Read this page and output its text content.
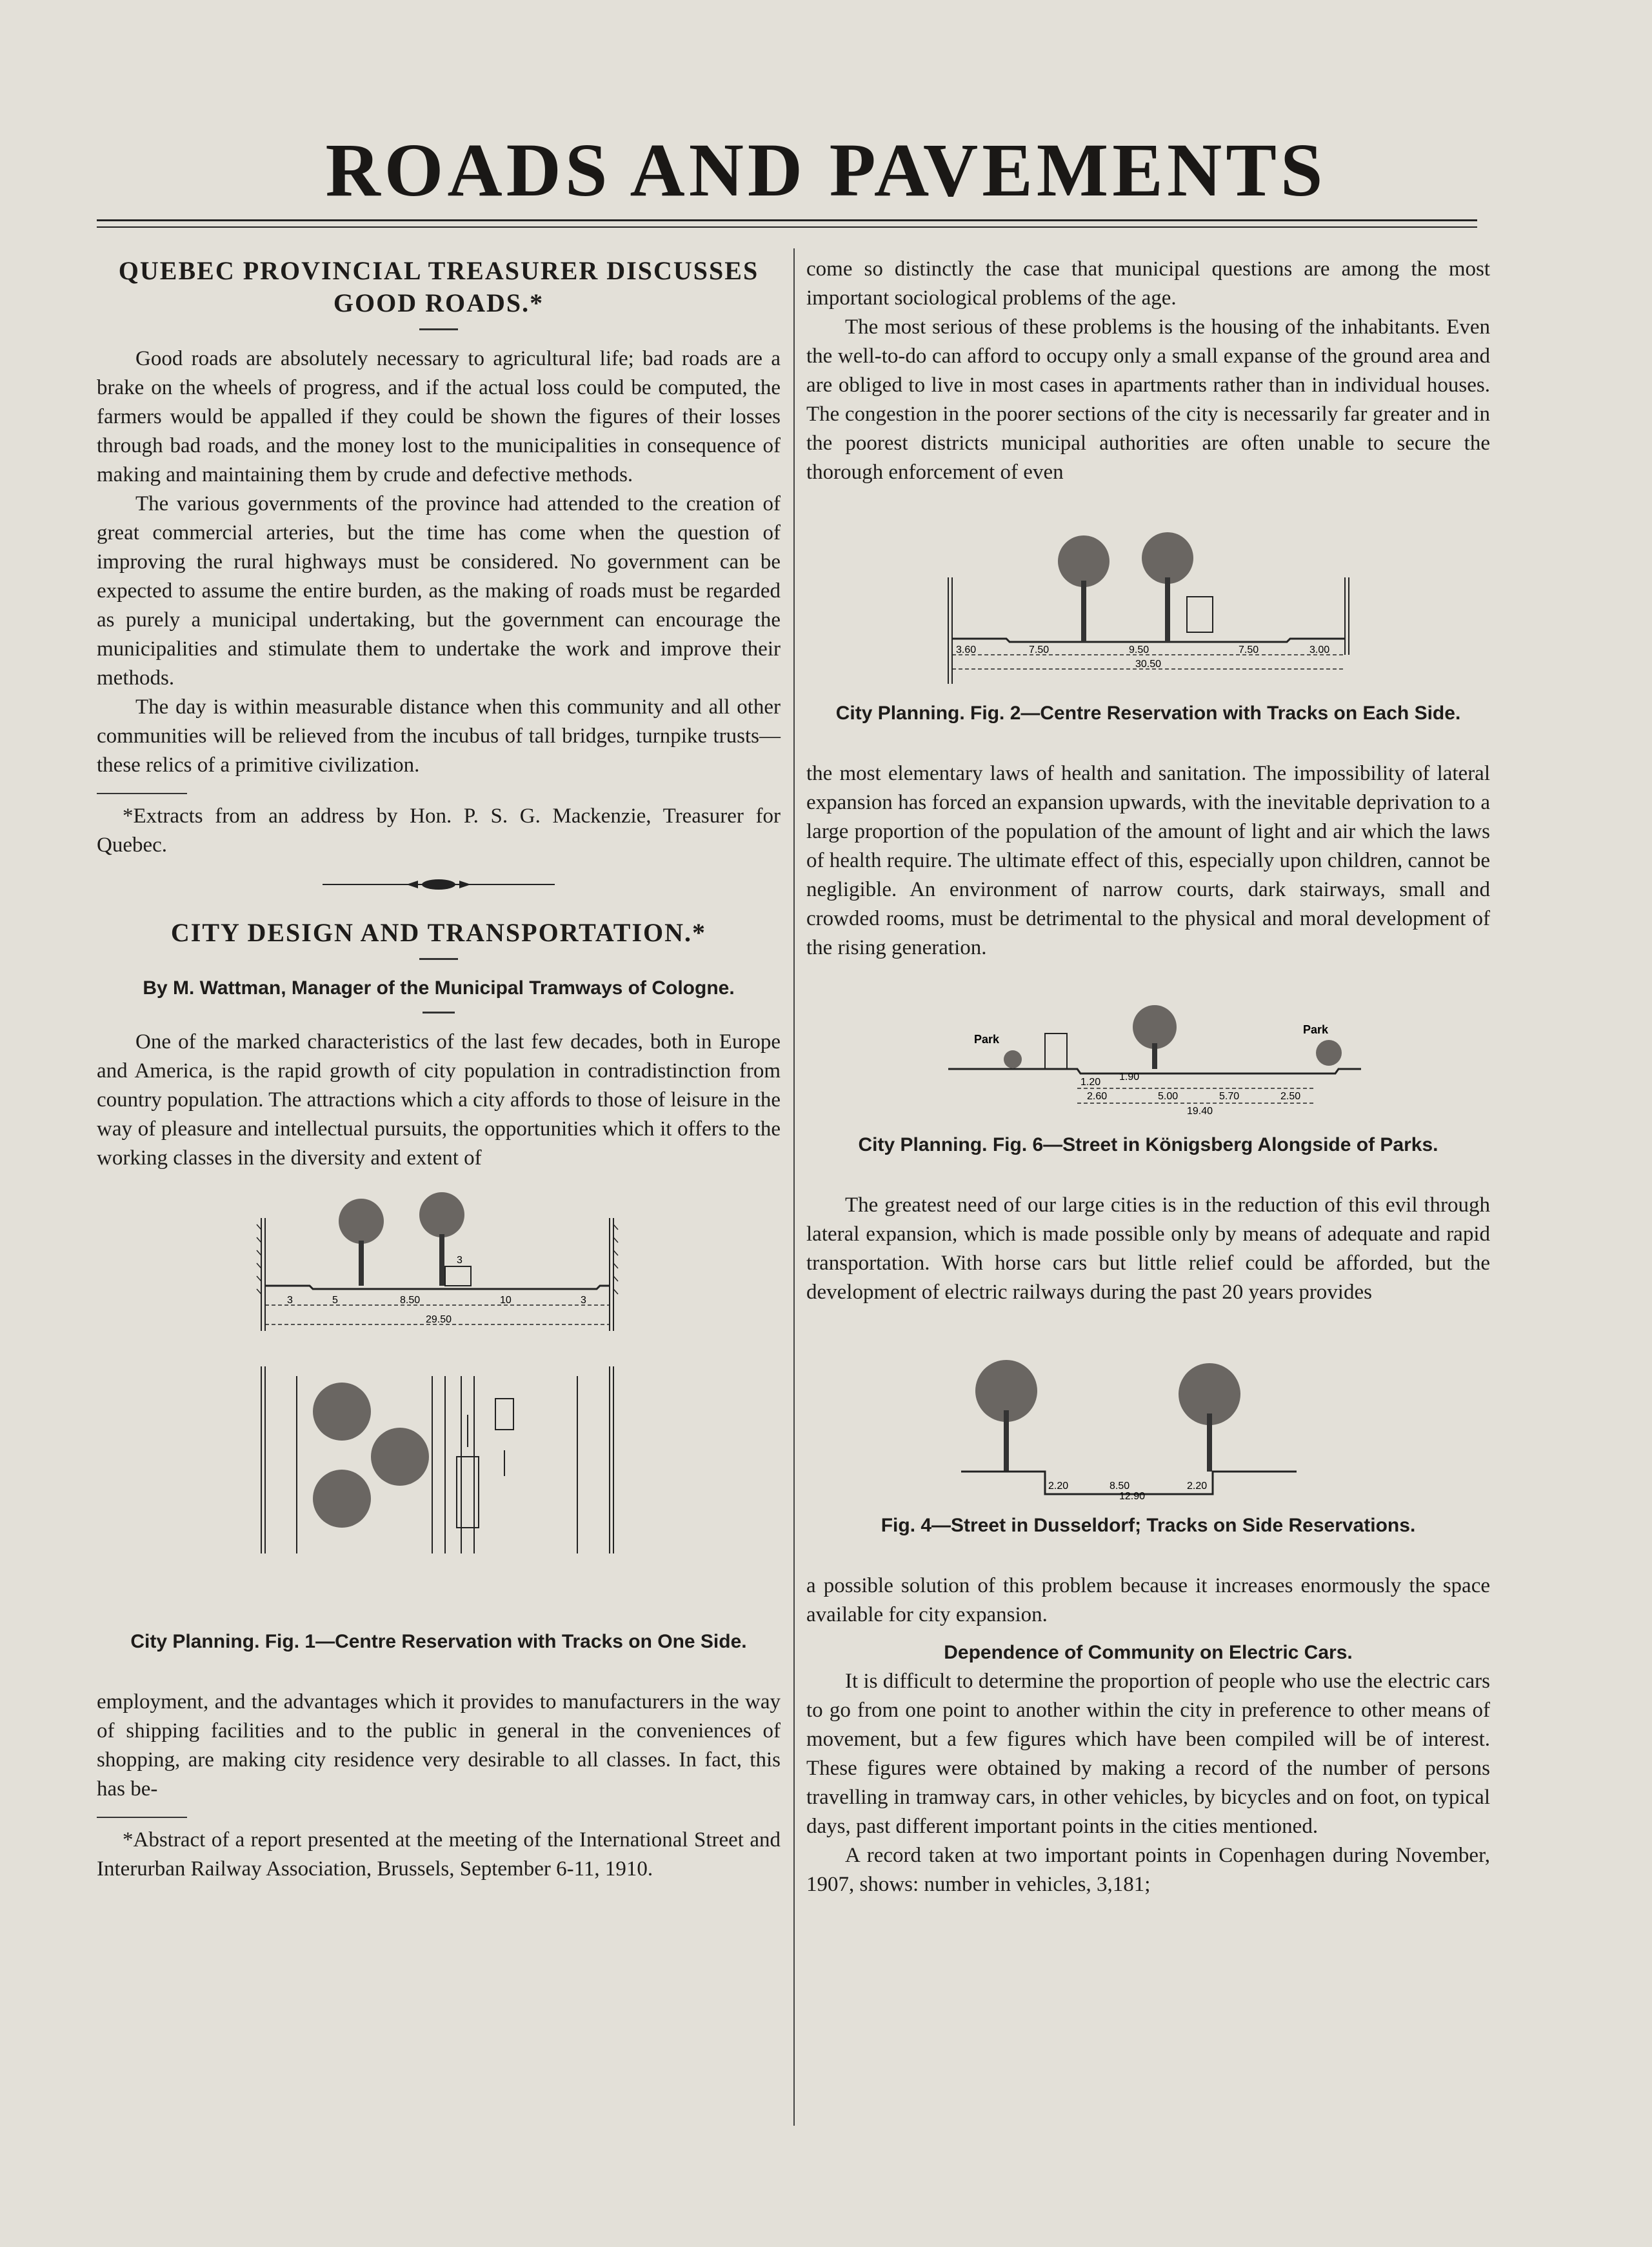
ROADS AND PAVEMENTS
QUEBEC PROVINCIAL TREASURER DISCUSSES
GOOD ROADS.*

Good roads are absolutely necessary to agricultural life; bad roads are a brake on the wheels of progress, and if the actual loss could be computed, the farmers would be appalled if they could be shown the figures of their losses through bad roads, and the money lost to the municipalities in consequence of making and maintaining them by crude and defective methods.

The various governments of the province had attended to the creation of great commercial arteries, but the time has come when the question of improving the rural highways must be considered. No government can be expected to assume the entire burden, as the making of roads must be regarded as purely a municipal undertaking, but the government can encourage the municipalities and stimulate them to undertake the work and improve their methods.

The day is within measurable distance when this community and all other communities will be relieved from the incubus of tall bridges, turnpike trusts—these relics of a primitive civilization.

*Extracts from an address by Hon. P. S. G. Mackenzie, Treasurer for Quebec.

CITY DESIGN AND TRANSPORTATION.*
By M. Wattman, Manager of the Municipal Tramways of Cologne.

One of the marked characteristics of the last few decades, both in Europe and America, is the rapid growth of city population in contradistinction from country population. The attractions which a city affords to those of leisure in the way of pleasure and intellectual pursuits, the opportunities which it offers to the working classes in the diversity and extent of

3	5	8.50
3
10	3
29.50
City Planning. Fig. 1—Centre Reservation with Tracks on One Side.

employment, and the advantages which it provides to manufacturers in the way of shipping facilities and to the public in general in the conveniences of shopping, are making city residence very desirable to all classes. In fact, this has be-

*Abstract of a report presented at the meeting of the International Street and Interurban Railway Association, Brussels, September 6-11, 1910.

come so distinctly the case that municipal questions are among the most important sociological problems of the age.

The most serious of these problems is the housing of the inhabitants. Even the well-to-do can afford to occupy only a small expanse of the ground area and are obliged to live in most cases in apartments rather than in individual houses. The congestion in the poorer sections of the city is necessarily far greater and in the poorest districts municipal authorities are often unable to secure the thorough enforcement of even

3.60	7.50	9.50	7.50	3.00
30.50
City Planning. Fig. 2—Centre Reservation with Tracks on Each Side.

the most elementary laws of health and sanitation. The impossibility of lateral expansion has forced an expansion upwards, with the inevitable deprivation to a large proportion of the population of the amount of light and air which the laws of health require. The ultimate effect of this, especially upon children, cannot be negligible. An environment of narrow courts, dark stairways, small and crowded rooms, must be detrimental to the physical and moral development of the rising generation.

Park
Park
1.20 1.90
2.60	5.00	5.70	2.50
19.40
City Planning. Fig. 6—Street in Königsberg Alongside of Parks.

The greatest need of our large cities is in the reduction of this evil through lateral expansion, which is made possible only by means of adequate and rapid transportation. With horse cars but little relief could be afforded, but the development of electric railways during the past 20 years provides

2.20	8.50	2.20
12.90
Fig. 4—Street in Dusseldorf; Tracks on Side Reservations.

a possible solution of this problem because it increases enormously the space available for city expansion.

Dependence of Community on Electric Cars.

It is difficult to determine the proportion of people who use the electric cars to go from one point to another within the city in preference to other means of movement, but a few figures which have been compiled will be of interest. These figures were obtained by making a record of the number of persons travelling in tramway cars, in other vehicles, by bicycles and on foot, on typical days, past different important points in the cities mentioned.

A record taken at two important points in Copenhagen during November, 1907, shows: number in vehicles, 3,181;
